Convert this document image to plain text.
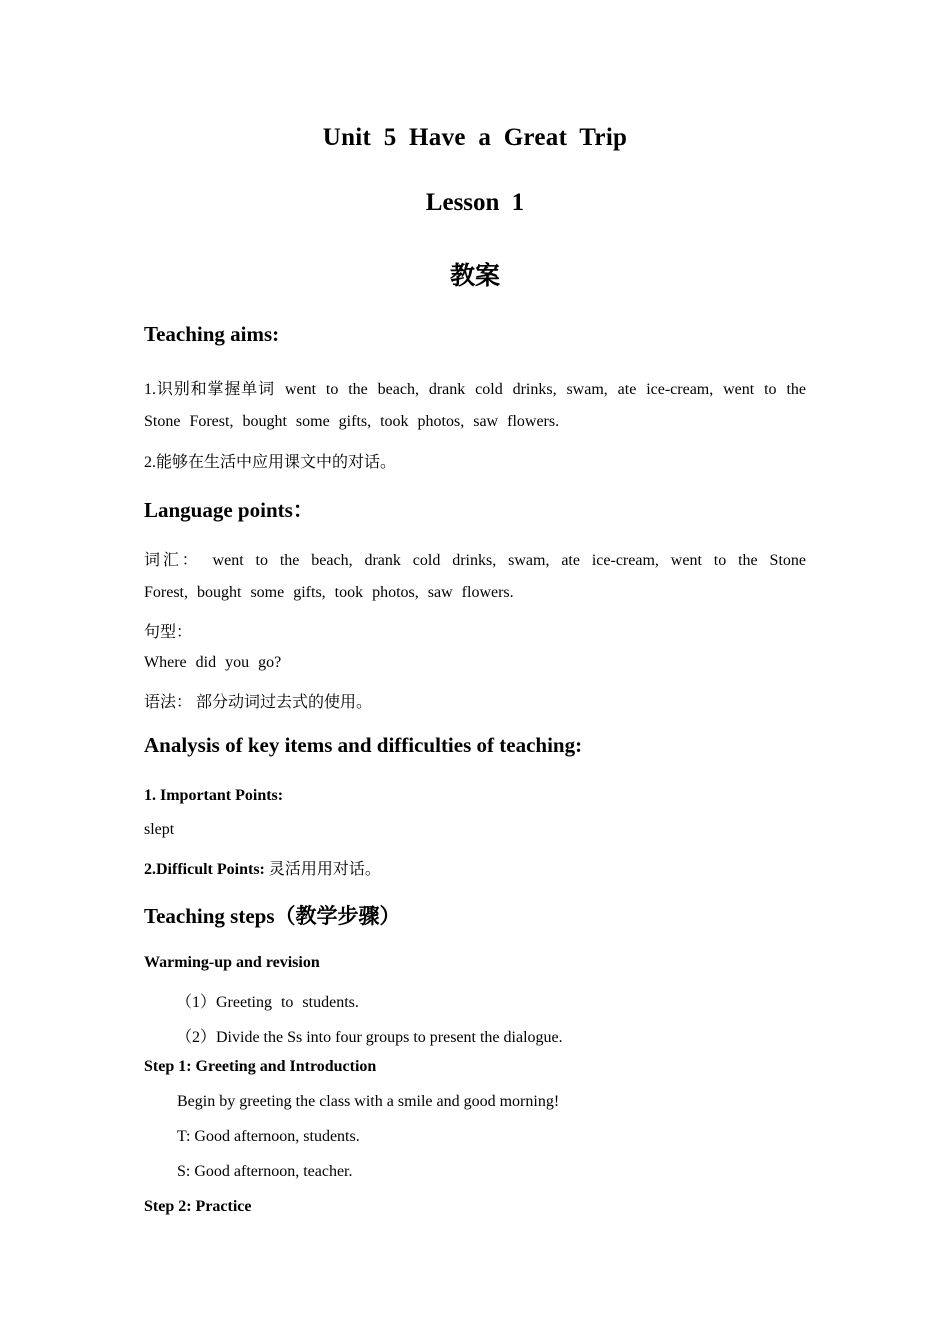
Unit 5 Have a Great Trip
Lesson 1
教案
Teaching aims:

1.识别和掌握单词 went to the beach, drank cold drinks, swam, ate ice-cream, went to the

Stone Forest, bought some gifts, took photos, saw flowers.

2.能够在生活中应用课文中的对话。

Language points：

词汇： went to the beach, drank cold drinks, swam, ate ice-cream, went to the Stone

Forest, bought some gifts, took photos, saw flowers.

句型：

Where did you go?

语法： 部分动词过去式的使用。

Analysis of key items and difficulties of teaching:

1. Important Points:

slept

2.Difficult Points: 灵活用用对话。

Teaching steps（教学步骤）

Warming-up and revision

（1）Greeting to students.

（2）Divide the Ss into four groups to present the dialogue.

Step 1: Greeting and Introduction

Begin by greeting the class with a smile and good morning!

T: Good afternoon, students.

S: Good afternoon, teacher.

Step 2: Practice
